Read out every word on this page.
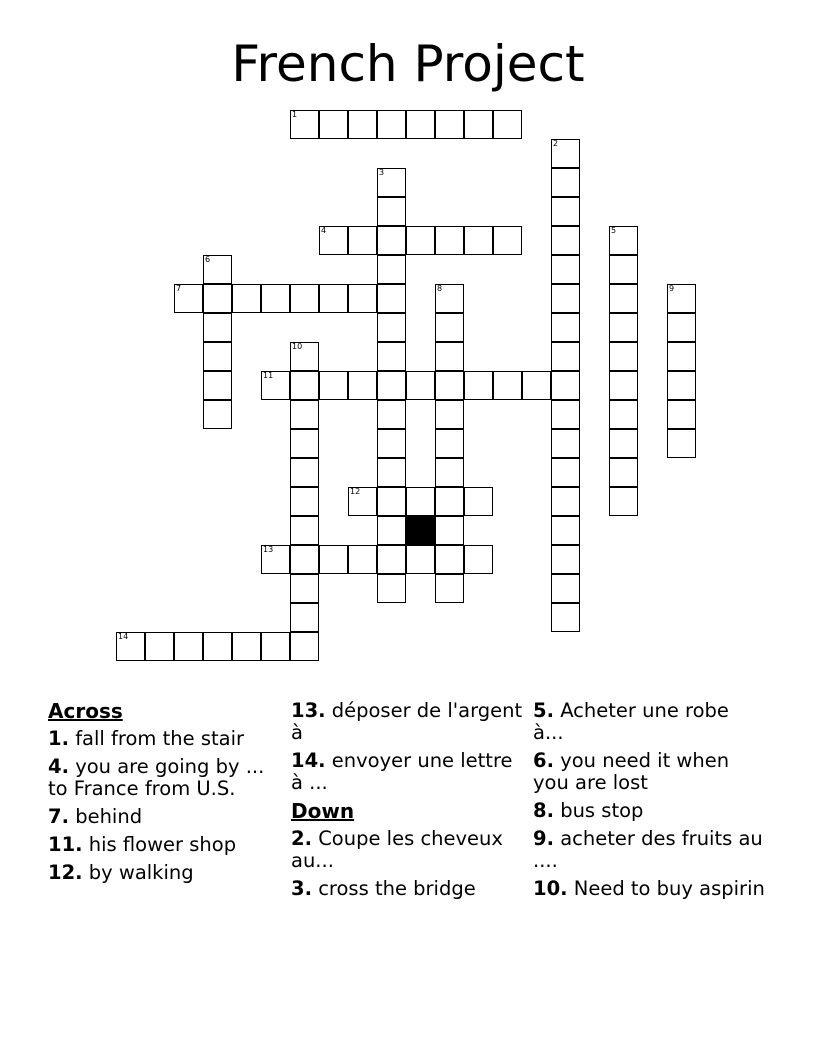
French Project
1
2
3
4	5
6
7	8	9
10
11
12
13
14
Across
1. fall from the stair
4. you are going by ... to France from U.S.
7. behind
11. his flower shop
12. by walking
13. déposer de l'argent à
14. envoyer une lettre à ...
Down
2. Coupe les cheveux au...
3. cross the bridge
5. Acheter une robe à...
6. you need it when you are lost
8. bus stop
9. acheter des fruits au ....
10. Need to buy aspirin
